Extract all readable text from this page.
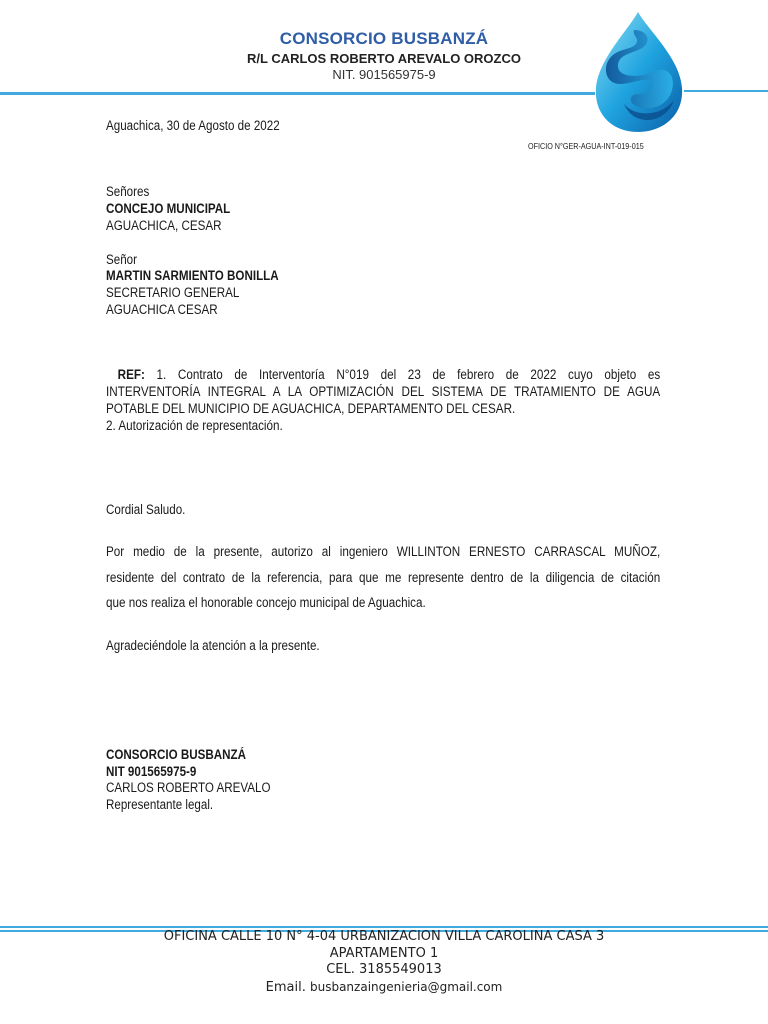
CONSORCIO BUSBANZÁ
R/L CARLOS ROBERTO AREVALO OROZCO
NIT. 901565975-9
Aguachica, 30 de Agosto de 2022
OFICIO N°GER-AGUA-INT-019-015
Señores
CONCEJO MUNICIPAL
AGUACHICA, CESAR
Señor
MARTIN SARMIENTO BONILLA
SECRETARIO GENERAL
AGUACHICA CESAR
REF: 1. Contrato de Interventoría N°019 del 23 de febrero de 2022 cuyo objeto es
INTERVENTORÍA INTEGRAL A LA OPTIMIZACIÓN DEL SISTEMA DE TRATAMIENTO DE AGUA
POTABLE DEL MUNICIPIO DE AGUACHICA, DEPARTAMENTO DEL CESAR.
2. Autorización de representación.
Cordial Saludo.
Por medio de la presente, autorizo al ingeniero WILLINTON ERNESTO CARRASCAL MUÑOZ,
residente del contrato de la referencia, para que me represente dentro de la diligencia de citación
que nos realiza el honorable concejo municipal de Aguachica.
Agradeciéndole la atención a la presente.
CONSORCIO BUSBANZÁ
NIT 901565975-9
CARLOS ROBERTO AREVALO
Representante legal.
OFICINA CALLE 10 N° 4-04 URBANIZACION VILLA CAROLINA CASA 3
APARTAMENTO 1
CEL. 3185549013
Email. busbanzaingenieria@gmail.com
